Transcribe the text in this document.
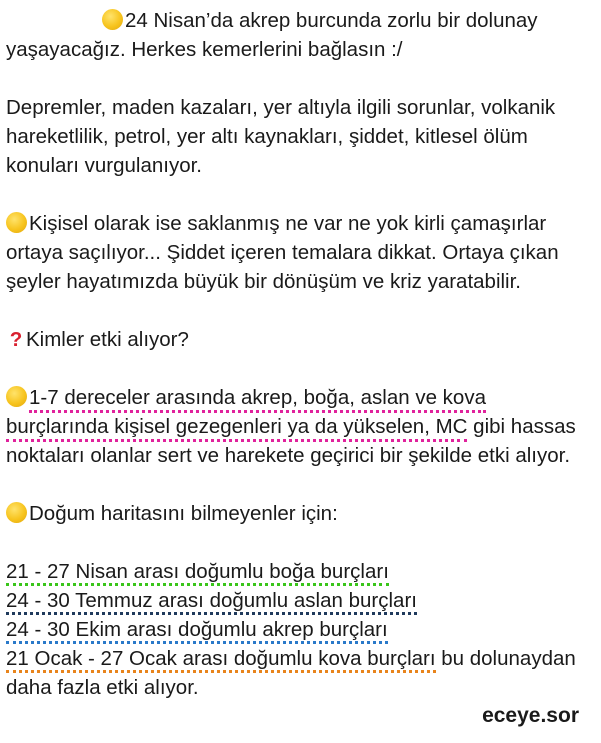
24 Nisan’da akrep burcunda zorlu bir dolunay
yaşayacağız. Herkes kemerlerini bağlasın :/

Depremler, maden kazaları, yer altıyla ilgili sorunlar, volkanik
hareketlilik, petrol, yer altı kaynakları, şiddet, kitlesel ölüm
konuları vurgulanıyor.

Kişisel olarak ise saklanmış ne var ne yok kirli çamaşırlar
ortaya saçılıyor... Şiddet içeren temalara dikkat. Ortaya çıkan
şeyler hayatımızda büyük bir dönüşüm ve kriz yaratabilir.

? Kimler etki alıyor?

1-7 dereceler arasında akrep, boğa, aslan ve kova
burçlarında kişisel gezegenleri ya da yükselen, MC gibi hassas
noktaları olanlar sert ve harekete geçirici bir şekilde etki alıyor.

Doğum haritasını bilmeyenler için:

21 - 27 Nisan arası doğumlu boğa burçları
24 - 30 Temmuz arası doğumlu aslan burçları
24 - 30 Ekim arası doğumlu akrep burçları
21 Ocak - 27 Ocak arası doğumlu kova burçları bu dolunaydan
daha fazla etki alıyor.

eceye.sor
